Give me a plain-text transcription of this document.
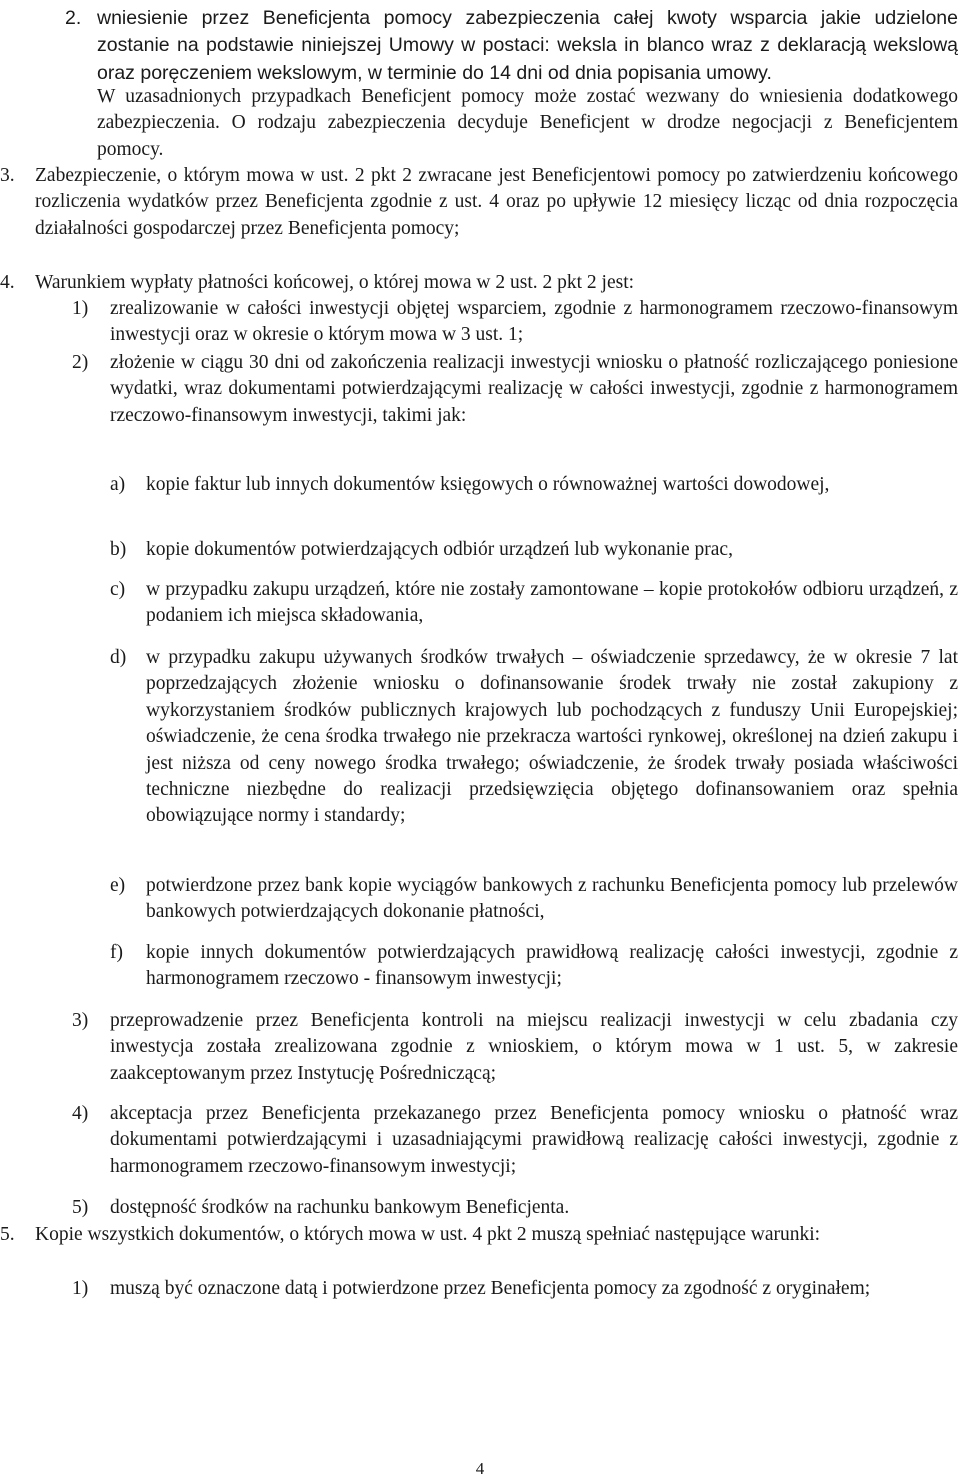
2. wniesienie przez Beneficjenta pomocy zabezpieczenia całej kwoty wsparcia jakie udzielone zostanie na podstawie niniejszej Umowy w postaci: weksla in blanco wraz z deklaracją wekslową oraz poręczeniem wekslowym, w terminie do 14 dni od dnia popisania umowy.

W uzasadnionych przypadkach Beneficjent pomocy może zostać wezwany do wniesienia dodatkowego zabezpieczenia. O rodzaju zabezpieczenia decyduje Beneficjent w drodze negocjacji z Beneficjentem pomocy.

3. Zabezpieczenie, o którym mowa w ust. 2 pkt 2 zwracane jest Beneficjentowi pomocy po zatwierdzeniu końcowego rozliczenia wydatków przez Beneficjenta zgodnie z ust. 4 oraz po upływie 12 miesięcy licząc od dnia rozpoczęcia działalności gospodarczej przez Beneficjenta pomocy;

4. Warunkiem wypłaty płatności końcowej, o której mowa w 2 ust. 2 pkt 2 jest:

1) zrealizowanie w całości inwestycji objętej wsparciem, zgodnie z harmonogramem rzeczowo-finansowym inwestycji oraz w okresie o którym mowa w 3 ust. 1;

2) złożenie w ciągu 30 dni od zakończenia realizacji inwestycji wniosku o płatność rozliczającego poniesione wydatki, wraz dokumentami potwierdzającymi realizację w całości inwestycji, zgodnie z harmonogramem rzeczowo-finansowym inwestycji, takimi jak:

a) kopie faktur lub innych dokumentów księgowych o równoważnej wartości dowodowej,

b) kopie dokumentów potwierdzających odbiór urządzeń lub wykonanie prac,

c) w przypadku zakupu urządzeń, które nie zostały zamontowane – kopie protokołów odbioru urządzeń, z podaniem ich miejsca składowania,

d) w przypadku zakupu używanych środków trwałych – oświadczenie sprzedawcy, że w okresie 7 lat poprzedzających złożenie wniosku o dofinansowanie środek trwały nie został zakupiony z wykorzystaniem środków publicznych krajowych lub pochodzących z funduszy Unii Europejskiej; oświadczenie, że cena środka trwałego nie przekracza wartości rynkowej, określonej na dzień zakupu i jest niższa od ceny nowego środka trwałego; oświadczenie, że środek trwały posiada właściwości techniczne niezbędne do realizacji przedsięwzięcia objętego dofinansowaniem oraz spełnia obowiązujące normy i standardy;

e) potwierdzone przez bank kopie wyciągów bankowych z rachunku Beneficjenta pomocy lub przelewów bankowych potwierdzających dokonanie płatności,

f) kopie innych dokumentów potwierdzających prawidłową realizację całości inwestycji, zgodnie z harmonogramem rzeczowo - finansowym inwestycji;

3) przeprowadzenie przez Beneficjenta kontroli na miejscu realizacji inwestycji w celu zbadania czy inwestycja została zrealizowana zgodnie z wnioskiem, o którym mowa w 1 ust. 5, w zakresie zaakceptowanym przez Instytucję Pośredniczącą;

4) akceptacja przez Beneficjenta przekazanego przez Beneficjenta pomocy wniosku o płatność wraz dokumentami potwierdzającymi i uzasadniającymi prawidłową realizację całości inwestycji, zgodnie z harmonogramem rzeczowo-finansowym inwestycji;

5) dostępność środków na rachunku bankowym Beneficjenta.

5. Kopie wszystkich dokumentów, o których mowa w ust. 4 pkt 2 muszą spełniać następujące warunki:

1) muszą być oznaczone datą i potwierdzone przez Beneficjenta pomocy za zgodność z oryginałem;

4
